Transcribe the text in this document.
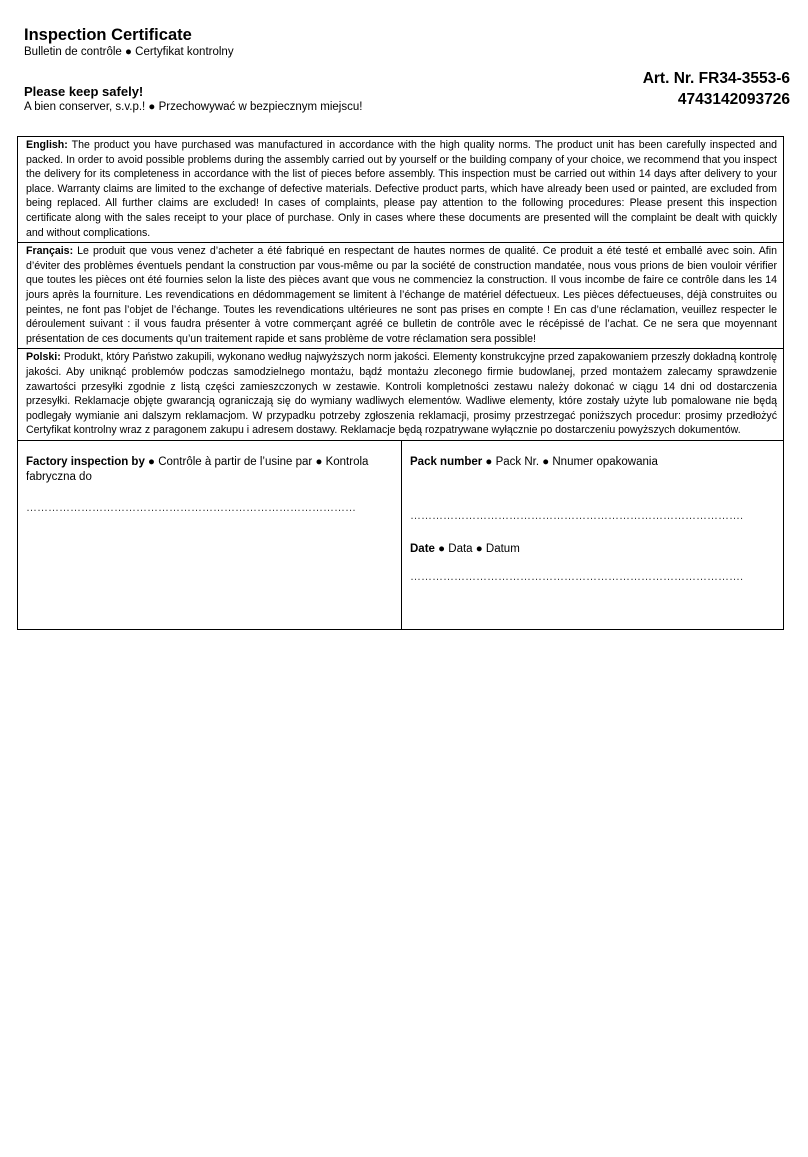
Inspection Certificate
Bulletin de contrôle ● Certyfikat kontrolny
Please keep safely!
A bien conserver, s.v.p.! ● Przechowywać w bezpiecznym miejscu!
Art. Nr. FR34-3553-6
4743142093726
English: The product you have purchased was manufactured in accordance with the high quality norms. The product unit has been carefully inspected and packed. In order to avoid possible problems during the assembly carried out by yourself or the building company of your choice, we recommend that you inspect the delivery for its completeness in accordance with the list of pieces before assembly. This inspection must be carried out within 14 days after delivery to your place. Warranty claims are limited to the exchange of defective materials. Defective product parts, which have already been used or painted, are excluded from being replaced. All further claims are excluded! In cases of complaints, please pay attention to the following procedures: Please present this inspection certificate along with the sales receipt to your place of purchase. Only in cases where these documents are presented will the complaint be dealt with quickly and without complications.
Français: Le produit que vous venez d’acheter a été fabriqué en respectant de hautes normes de qualité. Ce produit a été testé et emballé avec soin. Afin d’éviter des problèmes éventuels pendant la construction par vous-même ou par la société de construction mandatée, nous vous prions de bien vouloir vérifier que toutes les pièces ont été fournies selon la liste des pièces avant que vous ne commenciez la construction. Il vous incombe de faire ce contrôle dans les 14 jours après la fourniture. Les revendications en dédommagement se limitent à l’échange de matériel défectueux. Les pièces défectueuses, déjà construites ou peintes, ne font pas l’objet de l’échange. Toutes les revendications ultérieures ne sont pas prises en compte ! En cas d’une réclamation, veuillez respecter le déroulement suivant : il vous faudra présenter à votre commerçant agréé ce bulletin de contrôle avec le récépissé de l’achat. Ce ne sera que moyennant présentation de ces documents qu’un traitement rapide et sans problème de votre réclamation sera possible!
Polski: Produkt, który Państwo zakupili, wykonano według najwyższych norm jakości. Elementy konstrukcyjne przed zapakowaniem przeszły dokładną kontrolę jakości. Aby uniknąć problemów podczas samodzielnego montażu, bądź montażu zleconego firmie budowlanej, przed montażem zalecamy sprawdzenie zawartości przesyłki zgodnie z listą części zamieszczonych w zestawie. Kontroli kompletności zestawu należy dokonać w ciągu 14 dni od dostarczenia przesyłki. Reklamacje objęte gwarancją ograniczają się do wymiany wadliwych elementów. Wadliwe elementy, które zostały użyte lub pomalowane nie będą podlegały wymianie ani dalszym reklamacjom. W przypadku potrzeby zgłoszenia reklamacji, prosimy przestrzegać poniższych procedur: prosimy przedłożyć Certyfikat kontrolny wraz z paragonem zakupu i adresem dostawy. Reklamacje będą rozpatrywane wyłącznie po dostarczeniu powyższych dokumentów.
Factory inspection by ● Contrôle à partir de l’usine par ● Kontrola fabryczna do
………………………………………………………………………………
Pack number ● Pack Nr. ● Nnumer opakowania
……………………………………………………………………………….
Date ● Data ● Datum
……………………………………………………………………………….
